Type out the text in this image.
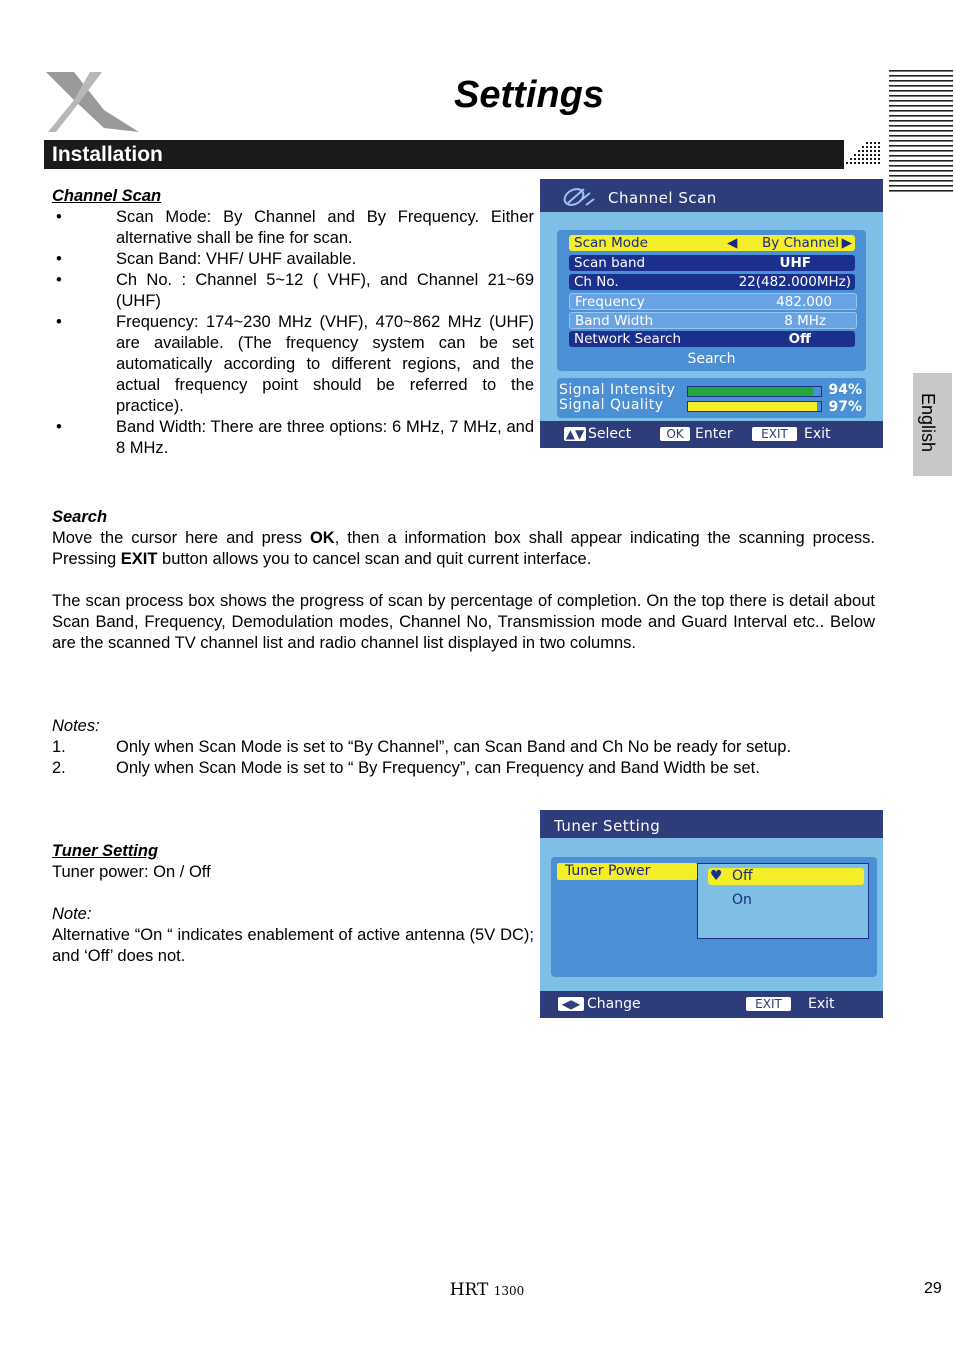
Settings
Installation
English
Channel Scan
•	Scan Mode: By Channel and By Frequency. Either alternative shall be fine for scan.
•	Scan Band: VHF/ UHF available.
•	Ch No. : Channel 5~12 ( VHF), and Channel 21~69 (UHF)
•	Frequency: 174~230 MHz (VHF), 470~862 MHz (UHF) are available. (The frequency system can be set automatically according to different regions, and the actual frequency point should be referred to the practice).
•	Band Width: There are three options: 6 MHz, 7 MHz, and 8 MHz.
Channel Scan
Scan Mode	◀ By Channel ▶
Scan band	UHF
Ch No.	22(482.000MHz)
Frequency	482.000
Band Width	8 MHz
Network Search	Off
Search
Signal Intensity	94%
Signal Quality	97%
▲▼ Select	OK Enter	EXIT	Exit
Search

Move the cursor here and press OK, then a information box shall appear indicating the scanning process. Pressing EXIT button allows you to cancel scan and quit current interface.

The scan process box shows the progress of scan by percentage of completion. On the top there is detail about Scan Band, Frequency, Demodulation modes, Channel No, Transmission mode and Guard Interval etc.. Below are the scanned TV channel list and radio channel list displayed in two columns.

Notes:
1.	Only when Scan Mode is set to “By Channel”, can Scan Band and Ch No be ready for setup.
2.	Only when Scan Mode is set to “ By Frequency”, can Frequency and Band Width be set.
Tuner Setting

Tuner power: On / Off

Note:

Alternative “On “ indicates enablement of active antenna (5V DC); and ‘Off’ does not.

Tuner Setting
Tuner Power	♥ Off
On
◀▶ Change	EXIT	Exit
HRT 1300	29
